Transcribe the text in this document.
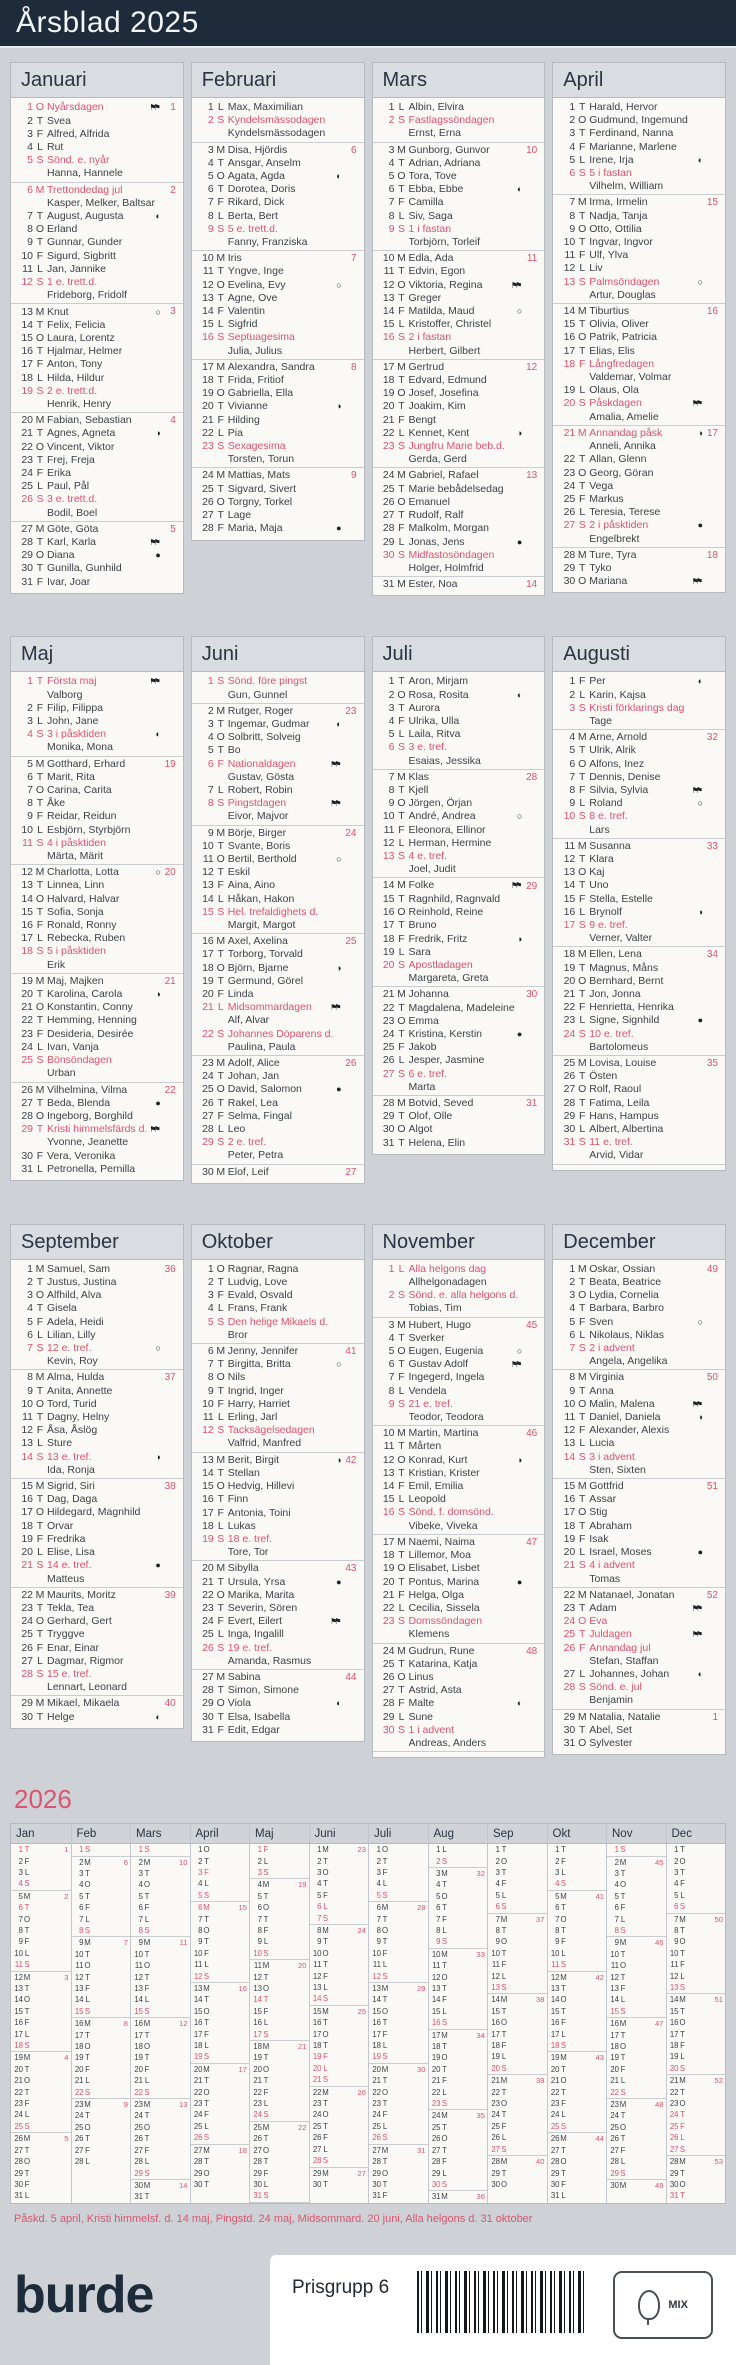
Årsblad 2025
Januari
1 O Nyårsdagen	⚑⚑	1
2 T Svea
3 F Alfred, Alfrida
4 L Rut
5 S Sönd. e. nyår
Hanna, Hannele
6 M Trettondedag jul	2
Kasper, Melker, Baltsar
7 T August, Augusta	◐
8 O Erland
9 T Gunnar, Gunder
10 F Sigurd, Sigbritt
11 L Jan, Jannike
12 S 1 e. trett.d.
Frideborg, Fridolf
13 M Knut	○ 3
14 T Felix, Felicia
15 O Laura, Lorentz
16 T Hjalmar, Helmer
17 F Anton, Tony
18 L Hilda, Hildur
19 S 2 e. trett.d.
Henrik, Henry
20 M Fabian, Sebastian	4
21 T Agnes, Agneta	◑
22 O Vincent, Viktor
23 T Frej, Freja
24 F Erika
25 L Paul, Pål
26 S 3 e. trett.d.
Bodil, Boel
27 M Göte, Göta	5
28 T Karl, Karla	⚑⚑
29 O Diana	●
30 T Gunilla, Gunhild
31 F Ivar, Joar
Februari
1 L Max, Maximilian
2 S Kyndelsmässodagen
Kyndelsmässodagen
3 M Disa, Hjördis	6
4 T Ansgar, Anselm
5 O Agata, Agda	◐
6 T Dorotea, Doris
7 F Rikard, Dick
8 L Berta, Bert
9 S 5 e. trett.d.
Fanny, Franziska
10 M Iris	7
11 T Yngve, Inge
12 O Evelina, Evy	○
13 T Agne, Ove
14 F Valentin
15 L Sigfrid
16 S Septuagesima
Julia, Julius
17 M Alexandra, Sandra	8
18 T Frida, Fritiof
19 O Gabriella, Ella
20 T Vivianne	◑
21 F Hilding
22 L Pia
23 S Sexagesima
Torsten, Torun
24 M Mattias, Mats	9
25 T Sigvard, Sivert
26 O Torgny, Torkel
27 T Lage
28 F Maria, Maja	●
Mars
1 L Albin, Elvira
2 S Fastlagssöndagen
Ernst, Erna
3 M Gunborg, Gunvor	10
4 T Adrian, Adriana
5 O Tora, Tove
6 T Ebba, Ebbe	◐
7 F Camilla
8 L Siv, Saga
9 S 1 i fastan
Torbjörn, Torleif
10 M Edla, Ada	11
11 T Edvin, Egon
12 O Viktoria, Regina	⚑⚑
13 T Greger
14 F Matilda, Maud	○
15 L Kristoffer, Christel
16 S 2 i fastan
Herbert, Gilbert
17 M Gertrud	12
18 T Edvard, Edmund
19 O Josef, Josefina
20 T Joakim, Kim
21 F Bengt
22 L Kennet, Kent	◑
23 S Jungfru Marie beb.d.
Gerda, Gerd
24 M Gabriel, Rafael	13
25 T Marie bebådelsedag
26 O Emanuel
27 T Rudolf, Ralf
28 F Malkolm, Morgan
29 L Jonas, Jens	●
30 S Midfastosöndagen
Holger, Holmfrid
31 M Ester, Noa	14
April
1 T Harald, Hervor
2 O Gudmund, Ingemund
3 T Ferdinand, Nanna
4 F Marianne, Marlene
5 L Irene, Irja	◐
6 S 5 i fastan
Vilhelm, William
7 M Irma, Irmelin	15
8 T Nadja, Tanja
9 O Otto, Ottilia
10 T Ingvar, Ingvor
11 F Ulf, Ylva
12 L Liv
13 S Palmsöndagen	○
Artur, Douglas
14 M Tiburtius	16
15 T Olivia, Oliver
16 O Patrik, Patricia
17 T Elias, Elis
18 F Långfredagen
Valdemar, Volmar
19 L Olaus, Ola
20 S Påskdagen	⚑⚑
Amalia, Amelie
21 M Annandag påsk	◑ 17
Anneli, Annika
22 T Allan, Glenn
23 O Georg, Göran
24 T Vega
25 F Markus
26 L Teresia, Terese
27 S 2 i påsktiden	●
Engelbrekt
28 M Ture, Tyra	18
29 T Tyko
30 O Mariana	⚑⚑
Maj
1 T Första maj	⚑⚑
Valborg
2 F Filip, Filippa
3 L John, Jane
4 S 3 i påsktiden	◐
Monika, Mona
5 M Gotthard, Erhard	19
6 T Marit, Rita
7 O Carina, Carita
8 T Åke
9 F Reidar, Reidun
10 L Esbjörn, Styrbjörn
11 S 4 i påsktiden
Märta, Märit
12 M Charlotta, Lotta	○ 20
13 T Linnea, Linn
14 O Halvard, Halvar
15 T Sofia, Sonja
16 F Ronald, Ronny
17 L Rebecka, Ruben
18 S 5 i påsktiden
Erik
19 M Maj, Majken	21
20 T Karolina, Carola	◑
21 O Konstantin, Conny
22 T Hemming, Henning
23 F Desideria, Desirée
24 L Ivan, Vanja
25 S Bönsöndagen
Urban
26 M Vilhelmina, Vilma	22
27 T Beda, Blenda	●
28 O Ingeborg, Borghild
29 T Kristi himmelsfärds d. ⚑⚑
Yvonne, Jeanette
30 F Vera, Veronika
31 L Petronella, Pernilla
Juni
1 S Sönd. före pingst
Gun, Gunnel
2 M Rutger, Roger	23
3 T Ingemar, Gudmar	◐
4 O Solbritt, Solveig
5 T Bo
6 F Nationaldagen	⚑⚑
Gustav, Gösta
7 L Robert, Robin
8 S Pingstdagen	⚑⚑
Eivor, Majvor
9 M Börje, Birger	24
10 T Svante, Boris
11 O Bertil, Berthold	○
12 T Eskil
13 F Aina, Aino
14 L Håkan, Hakon
15 S Hel. trefaldighets d.
Margit, Margot
16 M Axel, Axelina	25
17 T Torborg, Torvald
18 O Björn, Bjarne	◑
19 T Germund, Görel
20 F Linda
21 L Midsommardagen	⚑⚑
Alf, Alvar
22 S Johannes Döparens d.
Paulina, Paula
23 M Adolf, Alice	26
24 T Johan, Jan
25 O David, Salomon	●
26 T Rakel, Lea
27 F Selma, Fingal
28 L Leo
29 S 2 e. tref.
Peter, Petra
30 M Elof, Leif	27
Juli
1 T Aron, Mirjam
2 O Rosa, Rosita	◐
3 T Aurora
4 F Ulrika, Ulla
5 L Laila, Ritva
6 S 3 e. tref.
Esaias, Jessika
7 M Klas	28
8 T Kjell
9 O Jörgen, Örjan
10 T André, Andrea	○
11 F Eleonora, Ellinor
12 L Herman, Hermine
13 S 4 e. tref.
Joel, Judit
14 M Folke	⚑⚑ 29
15 T Ragnhild, Ragnvald
16 O Reinhold, Reine
17 T Bruno
18 F Fredrik, Fritz	◑
19 L Sara
20 S Apostladagen
Margareta, Greta
21 M Johanna	30
22 T Magdalena, Madeleine
23 O Emma
24 T Kristina, Kerstin	●
25 F Jakob
26 L Jesper, Jasmine
27 S 6 e. tref.
Marta
28 M Botvid, Seved	31
29 T Olof, Olle
30 O Algot
31 T Helena, Elin
Augusti
1 F Per	◐
2 L Karin, Kajsa
3 S Kristi förklarings dag
Tage
4 M Arne, Arnold	32
5 T Ulrik, Alrik
6 O Alfons, Inez
7 T Dennis, Denise
8 F Silvia, Sylvia	⚑⚑
9 L Roland	○
10 S 8 e. tref.
Lars
11 M Susanna	33
12 T Klara
13 O Kaj
14 T Uno
15 F Stella, Estelle
16 L Brynolf	◑
17 S 9 e. tref.
Verner, Valter
18 M Ellen, Lena	34
19 T Magnus, Måns
20 O Bernhard, Bernt
21 T Jon, Jonna
22 F Henrietta, Henrika
23 L Signe, Signhild	●
24 S 10 e. tref.
Bartolomeus
25 M Lovisa, Louise	35
26 T Östen
27 O Rolf, Raoul
28 T Fatima, Leila
29 F Hans, Hampus
30 L Albert, Albertina
31 S 11 e. tref.
Arvid, Vidar
September
1 M Samuel, Sam	36
2 T Justus, Justina
3 O Alfhild, Alva
4 T Gisela
5 F Adela, Heidi
6 L Lilian, Lilly
7 S 12 e. tref.	○
Kevin, Roy
8 M Alma, Hulda	37
9 T Anita, Annette
10 O Tord, Turid
11 T Dagny, Helny
12 F Åsa, Åslög
13 L Sture
14 S 13 e. tref.	◑
Ida, Ronja
15 M Sigrid, Siri	38
16 T Dag, Daga
17 O Hildegard, Magnhild
18 T Orvar
19 F Fredrika
20 L Elise, Lisa
21 S 14 e. tref.	●
Matteus
22 M Maurits, Moritz	39
23 T Tekla, Tea
24 O Gerhard, Gert
25 T Tryggve
26 F Enar, Einar
27 L Dagmar, Rigmor
28 S 15 e. tref.
Lennart, Leonard
29 M Mikael, Mikaela	40
30 T Helge	◐
Oktober
1 O Ragnar, Ragna
2 T Ludvig, Love
3 F Evald, Osvald
4 L Frans, Frank
5 S Den helige Mikaels d.
Bror
6 M Jenny, Jennifer	41
7 T Birgitta, Britta	○
8 O Nils
9 T Ingrid, Inger
10 F Harry, Harriet
11 L Erling, Jarl
12 S Tacksägelsedagen
Valfrid, Manfred
13 M Berit, Birgit	◑ 42
14 T Stellan
15 O Hedvig, Hillevi
16 T Finn
17 F Antonia, Toini
18 L Lukas
19 S 18 e. tref.
Tore, Tor
20 M Sibylla	43
21 T Ursula, Yrsa	●
22 O Marika, Marita
23 T Severin, Sören
24 F Evert, Eilert	⚑⚑
25 L Inga, Ingalill
26 S 19 e. tref.
Amanda, Rasmus
27 M Sabina	44
28 T Simon, Simone
29 O Viola	◐
30 T Elsa, Isabella
31 F Edit, Edgar
November
1 L Alla helgons dag
Allhelgonadagen
2 S Sönd. e. alla helgons d.
Tobias, Tim
3 M Hubert, Hugo	45
4 T Sverker
5 O Eugen, Eugenia	○
6 T Gustav Adolf	⚑⚑
7 F Ingegerd, Ingela
8 L Vendela
9 S 21 e. tref.
Teodor, Teodora
10 M Martin, Martina	46
11 T Mårten
12 O Konrad, Kurt	◑
13 T Kristian, Krister
14 F Emil, Emilia
15 L Leopold
16 S Sönd. f. domsönd.
Vibeke, Viveka
17 M Naemi, Naima	47
18 T Lillemor, Moa
19 O Elisabet, Lisbet
20 T Pontus, Marina	●
21 F Helga, Olga
22 L Cecilia, Sissela
23 S Domssöndagen
Klemens
24 M Gudrun, Rune	48
25 T Katarina, Katja
26 O Linus
27 T Astrid, Asta
28 F Malte	◐
29 L Sune
30 S 1 i advent
Andreas, Anders
December
1 M Oskar, Ossian	49
2 T Beata, Beatrice
3 O Lydia, Cornelia
4 T Barbara, Barbro
5 F Sven	○
6 L Nikolaus, Niklas
7 S 2 i advent
Angela, Angelika
8 M Virginia	50
9 T Anna
10 O Malin, Malena	⚑⚑
11 T Daniel, Daniela	◑
12 F Alexander, Alexis
13 L Lucia
14 S 3 i advent
Sten, Sixten
15 M Gottfrid	51
16 T Assar
17 O Stig
18 T Abraham
19 F Isak
20 L Israel, Moses	●
21 S 4 i advent
Tomas
22 M Natanael, Jonatan	52
23 T Adam	⚑⚑
24 O Eva
25 T Juldagen	⚑⚑
26 F Annandag jul
Stefan, Staffan
27 L Johannes, Johan	◐
28 S Sönd. e. jul
Benjamin
29 M Natalia, Natalie	1
30 T Abel, Set
31 O Sylvester
2026
Jan
1 T	1
2 F
3 L
4 S
5 M	2
6 T
7 O
8 T
9 F
10 L
11 S
12 M	3
13 T
14 O
15 T
16 F
17 L
18 S
19 M	4
20 T
21 O
22 T
23 F
24 L
25 S
26 M	5
27 T
28 O
29 T
30 F
31 L
Feb
1 S
2 M	6
3 T
4 O
5 T
6 F
7 L
8 S
9 M	7
10 T
11 O
12 T
13 F
14 L
15 S
16 M	8
17 T
18 O
19 T
20 F
21 L
22 S
23 M	9
24 T
25 O
26 T
27 F
28 L
Mars
1 S
2 M	10
3 T
4 O
5 T
6 F
7 L
8 S
9 M	11
10 T
11 O
12 T
13 F
14 L
15 S
16 M	12
17 T
18 O
19 T
20 F
21 L
22 S
23 M	13
24 T
25 O
26 T
27 F
28 L
29 S
30 M	14
31 T
April
1 O
2 T
3 F
4 L
5 S
6 M	15
7 T
8 O
9 T
10 F
11 L
12 S
13 M	16
14 T
15 O
16 T
17 F
18 L
19 S
20 M	17
21 T
22 O
23 T
24 F
25 L
26 S
27 M	18
28 T
29 O
30 T
Maj
1 F
2 L
3 S
4 M	19
5 T
6 O
7 T
8 F
9 L
10 S
11 M	20
12 T
13 O
14 T
15 F
16 L
17 S
18 M	21
19 T
20 O
21 T
22 F
23 L
24 S
25 M	22
26 T
27 O
28 T
29 F
30 L
31 S
Juni
1 M	23
2 T
3 O
4 T
5 F
6 L
7 S
8 M	24
9 T
10 O
11 T
12 F
13 L
14 S
15 M	25
16 T
17 O
18 T
19 F
20 L
21 S
22 M	26
23 T
24 O
25 T
26 F
27 L
28 S
29 M	27
30 T
Juli
1 O
2 T
3 F
4 L
5 S
6 M	28
7 T
8 O
9 T
10 F
11 L
12 S
13 M	29
14 T
15 O
16 T
17 F
18 L
19 S
20 M	30
21 T
22 O
23 T
24 F
25 L
26 S
27 M	31
28 T
29 O
30 T
31 F
Aug
1 L
2 S
3 M	32
4 T
5 O
6 T
7 F
8 L
9 S
10 M	33
11 T
12 O
13 T
14 F
15 L
16 S
17 M	34
18 T
19 O
20 T
21 F
22 L
23 S
24 M	35
25 T
26 O
27 T
28 F
29 L
30 S
31 M	36
Sep
1 T
2 O
3 T
4 F
5 L
6 S
7 M	37
8 T
9 O
10 T
11 F
12 L
13 S
14 M	38
15 T
16 O
17 T
18 F
19 L
20 S
21 M	39
22 T
23 O
24 T
25 F
26 L
27 S
28 M	40
29 T
30 O
Okt
1 T
2 F
3 L
4 S
5 M	41
6 T
7 O
8 T
9 F
10 L
11 S
12 M	42
13 T
14 O
15 T
16 F
17 L
18 S
19 M	43
20 T
21 O
22 T
23 F
24 L
25 S
26 M	44
27 T
28 O
29 T
30 F
31 L
Nov
1 S
2 M	45
3 T
4 O
5 T
6 F
7 L
8 S
9 M	46
10 T
11 O
12 T
13 F
14 L
15 S
16 M	47
17 T
18 O
19 T
20 F
21 L
22 S
23 M	48
24 T
25 O
26 T
27 F
28 L
29 S
30 M	49
Dec
1 T
2 O
3 T
4 F
5 L
6 S
7 M	50
8 T
9 O
10 T
11 F
12 L
13 S
14 M	51
15 T
16 O
17 T
18 F
19 L
20 S
21 M	52
22 T
23 O
24 T
25 F
26 L
27 S
28 M	53
29 T
30 O
31 T

Påskd. 5 april, Kristi himmelsf. d. 14 maj, Pingstd. 24 maj, Midsommard. 20 juni, Alla helgons d. 31 oktober

burde	Prisgrupp 6
MIX
